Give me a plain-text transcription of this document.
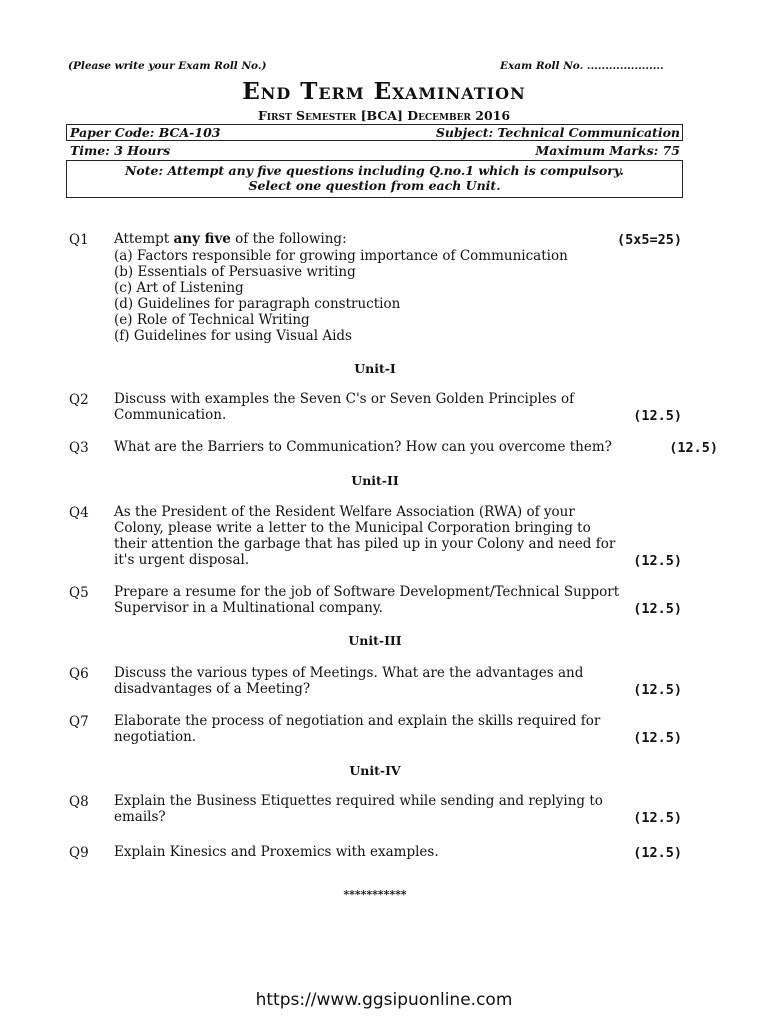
(Please write your Exam Roll No.)	Exam Roll No. .....................
End Term Examination
First Semester [BCA] December 2016
Paper Code: BCA-103	Subject: Technical Communication
Time: 3 Hours	Maximum Marks: 75
Note: Attempt any five questions including Q.no.1 which is compulsory.
Select one question from each Unit.
Q1 Attempt any five of the following:	(5x5=25)
(a) Factors responsible for growing importance of Communication
(b) Essentials of Persuasive writing
(c) Art of Listening
(d) Guidelines for paragraph construction
(e) Role of Technical Writing
(f) Guidelines for using Visual Aids
Unit-I
Q2 Discuss with examples the Seven C's or Seven Golden Principles of
Communication.	(12.5)
Q3 What are the Barriers to Communication? How can you overcome them?	(12.5)
Unit-II
Q4 As the President of the Resident Welfare Association (RWA) of your
Colony, please write a letter to the Municipal Corporation bringing to
their attention the garbage that has piled up in your Colony and need for
it's urgent disposal.	(12.5)
Q5 Prepare a resume for the job of Software Development/Technical Support
Supervisor in a Multinational company.	(12.5)
Unit-III
Q6 Discuss the various types of Meetings. What are the advantages and
disadvantages of a Meeting?	(12.5)
Q7 Elaborate the process of negotiation and explain the skills required for
negotiation.	(12.5)
Unit-IV
Q8 Explain the Business Etiquettes required while sending and replying to
emails?	(12.5)
Q9 Explain Kinesics and Proxemics with examples.	(12.5)
***********
https://www.ggsipuonline.com
